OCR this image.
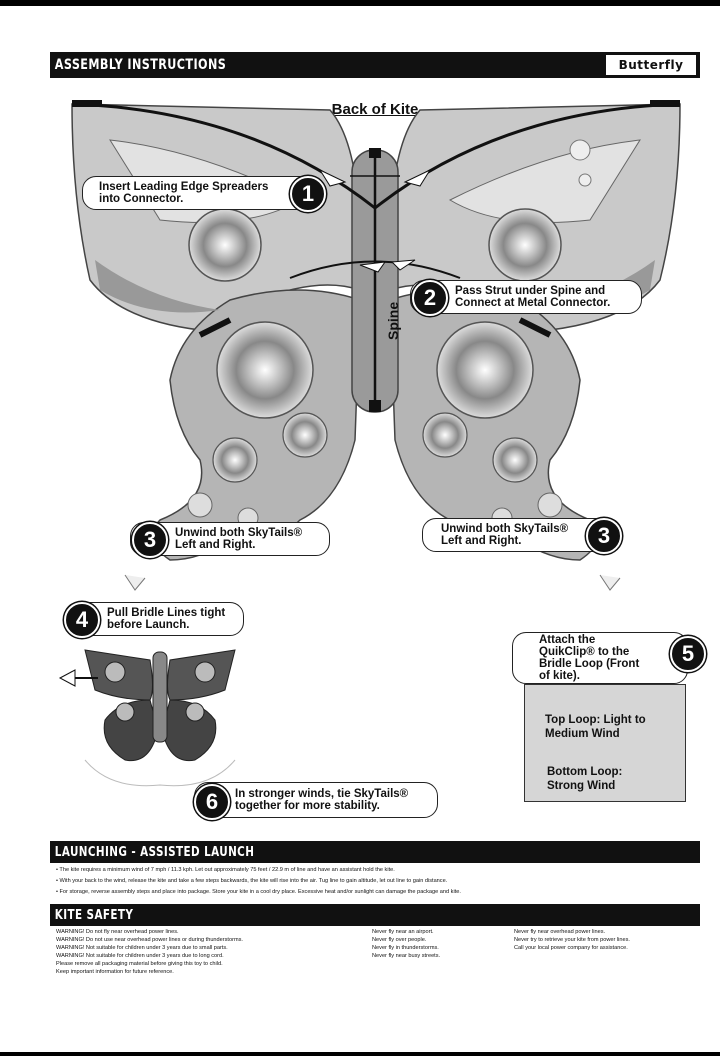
ASSEMBLY INSTRUCTIONS	Butterfly
Back of Kite
Spine
Insert Leading Edge Spreaders into Connector.	1
Pass Strut under Spine and Connect at Metal Connector.
2
Unwind both SkyTails® Left and Right.
3	Unwind both SkyTails® Left and Right.	3
Pull Bridle Lines tight before Launch.
4
Attach the QuikClip® to the Bridle Loop (Front of kite).
5
Top Loop: Light to Medium Wind
Bottom Loop: Strong Wind
In stronger winds, tie SkyTails® together for more stability.
6
LAUNCHING - ASSISTED LAUNCH
• The kite requires a minimum wind of 7 mph / 11.3 kph. Let out approximately 75 feet / 22.9 m of line and have an assistant hold the kite.
• With your back to the wind, release the kite and take a few steps backwards, the kite will rise into the air. Tug line to gain altitude, let out line to gain distance.
• For storage, reverse assembly steps and place into package. Store your kite in a cool dry place. Excessive heat and/or sunlight can damage the package and kite.
KITE SAFETY
WARNING! Do not fly near overhead power lines.
WARNING! Do not use near overhead power lines or during thunderstorms.
WARNING! Not suitable for children under 3 years due to small parts.
WARNING! Not suitable for children under 3 years due to long cord.
Please remove all packaging material before giving this toy to child.
Keep important information for future reference.
Never fly near an airport.
Never fly over people.
Never fly in thunderstorms.
Never fly near busy streets.
Never fly near overhead power lines.
Never try to retrieve your kite from power lines.
Call your local power company for assistance.
